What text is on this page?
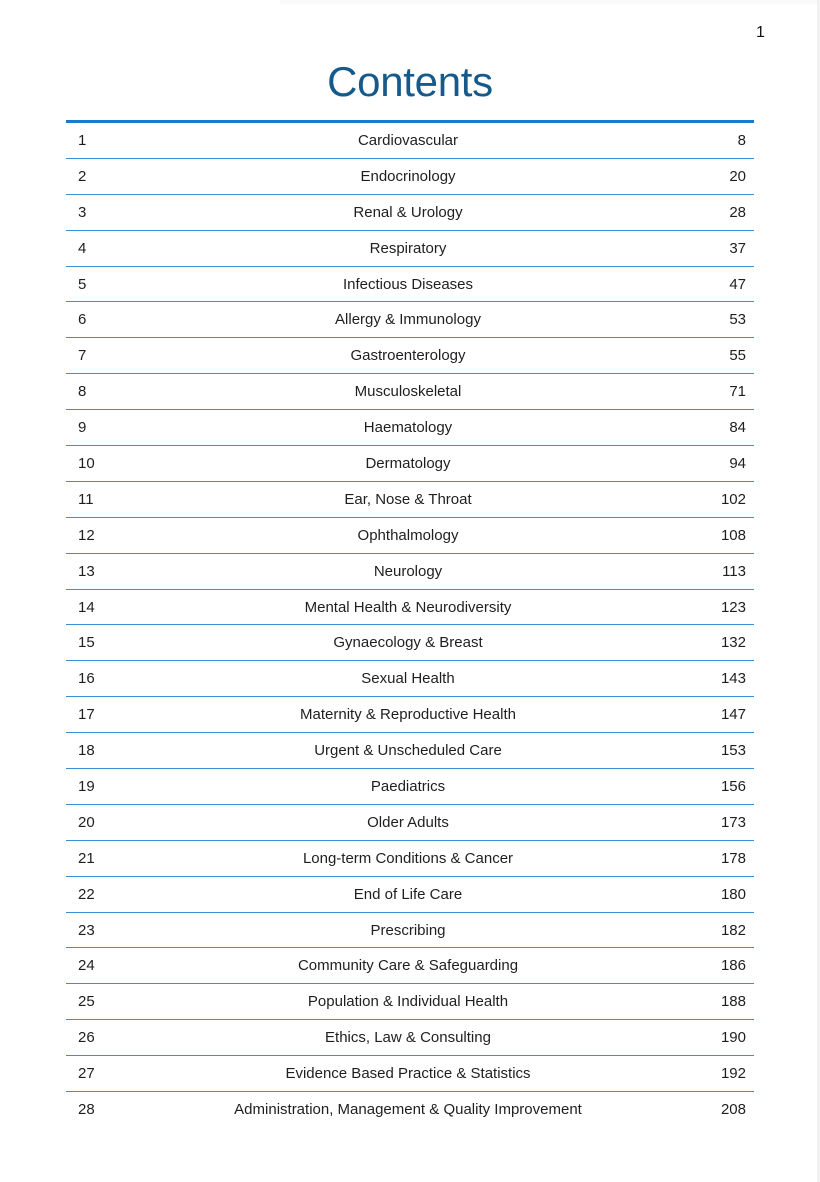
1
Contents
1	Cardiovascular	8
2	Endocrinology	20
3	Renal & Urology	28
4	Respiratory	37
5	Infectious Diseases	47
6	Allergy & Immunology	53
7	Gastroenterology	55
8	Musculoskeletal	71
9	Haematology	84
10	Dermatology	94
11	Ear, Nose & Throat	102
12	Ophthalmology	108
13	Neurology	113
14	Mental Health & Neurodiversity	123
15	Gynaecology & Breast	132
16	Sexual Health	143
17	Maternity & Reproductive Health	147
18	Urgent & Unscheduled Care	153
19	Paediatrics	156
20	Older Adults	173
21	Long-term Conditions & Cancer	178
22	End of Life Care	180
23	Prescribing	182
24	Community Care & Safeguarding	186
25	Population & Individual Health	188
26	Ethics, Law & Consulting	190
27	Evidence Based Practice & Statistics	192
28	Administration, Management & Quality Improvement	208
